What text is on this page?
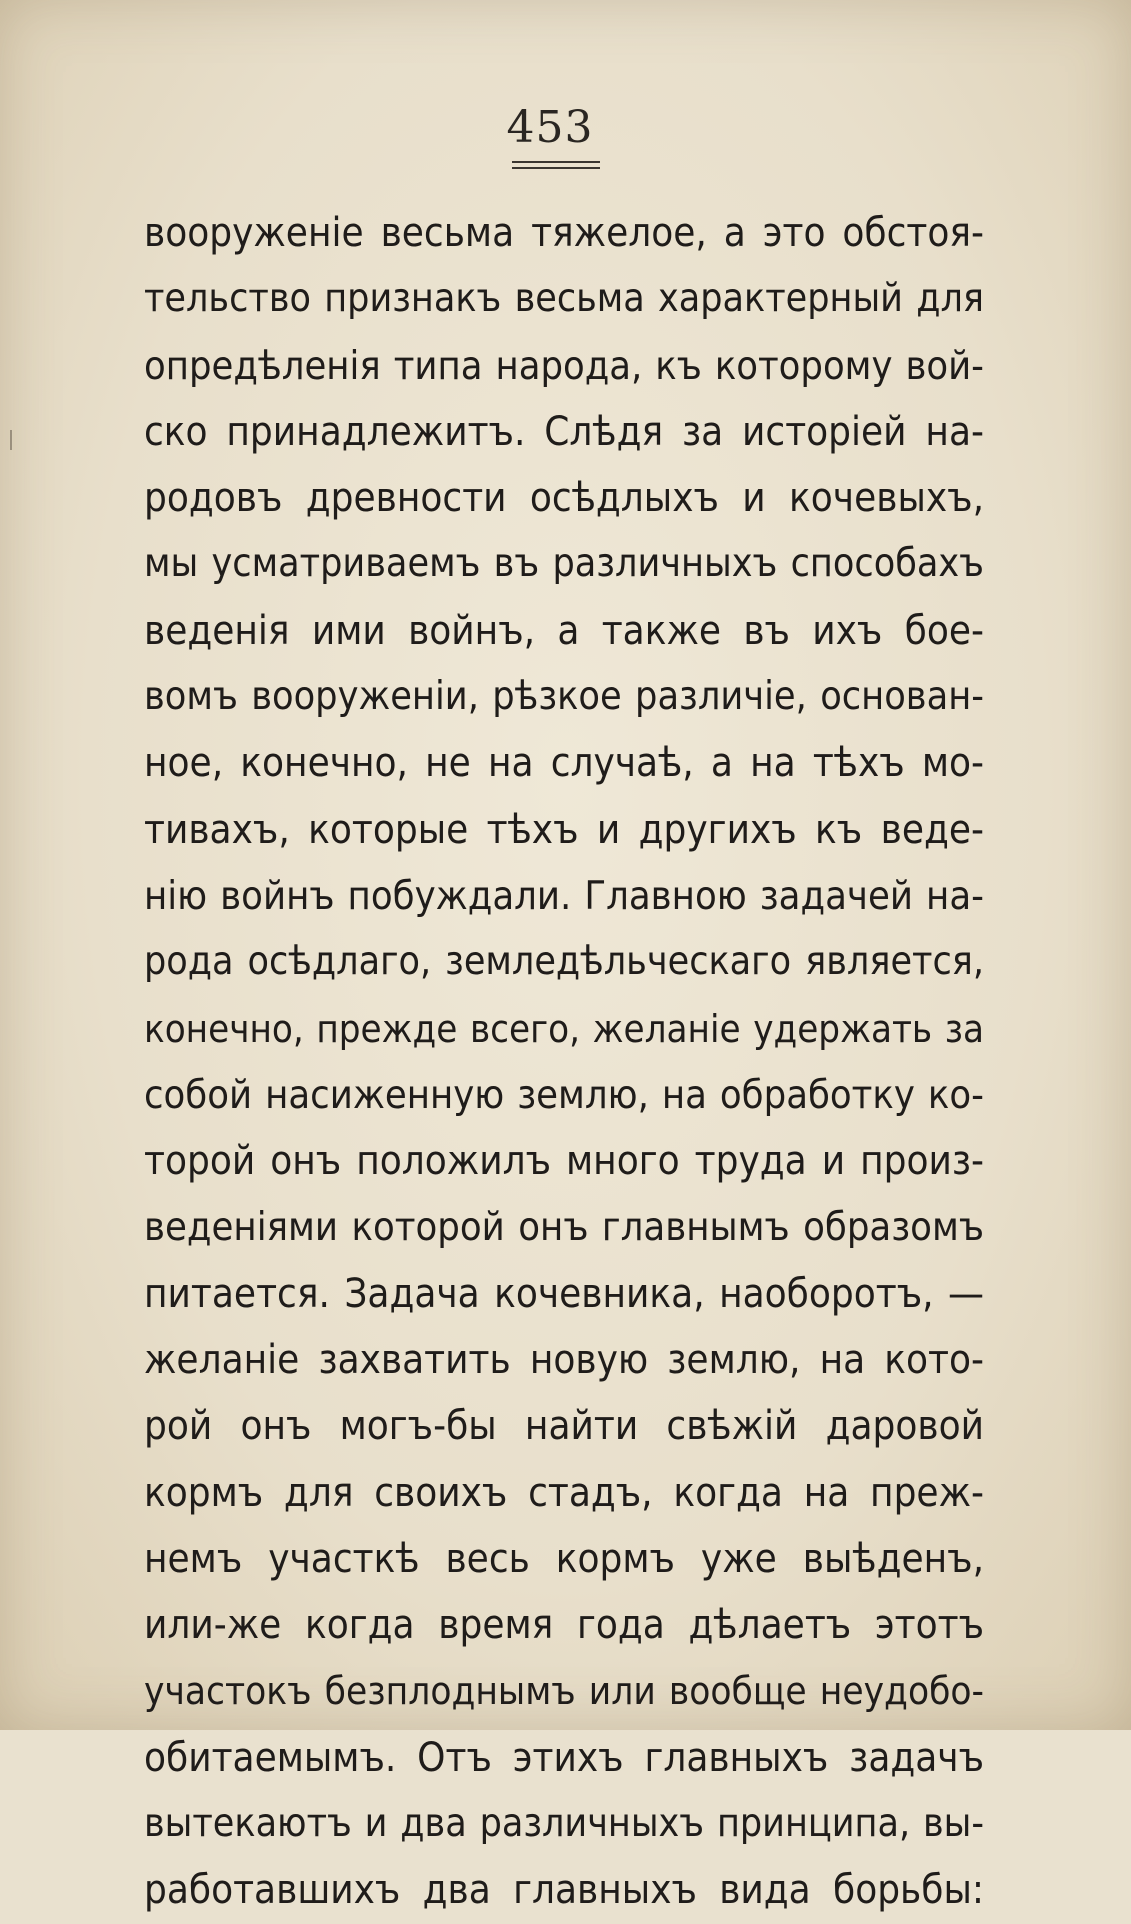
453
вооруженіе весьма тяжелое, а это обстоя-
тельство признакъ весьма характерный для
опредѣленія типа народа, къ которому вой-
ско принадлежитъ. Слѣдя за исторіей на-
родовъ древности осѣдлыхъ и кочевыхъ,
мы усматриваемъ въ различныхъ способахъ
веденія ими войнъ, а также въ ихъ бое-
вомъ вооруженіи, рѣзкое различіе, основан-
ное, конечно, не на случаѣ, а на тѣхъ мо-
тивахъ, которые тѣхъ и другихъ къ веде-
нію войнъ побуждали. Главною задачей на-
рода осѣдлаго, земледѣльческаго является,
конечно, прежде всего, желаніе удержать за
собой насиженную землю, на обработку ко-
торой онъ положилъ много труда и произ-
веденіями которой онъ главнымъ образомъ
питается. Задача кочевника, наоборотъ, —
желаніе захватить новую землю, на кото-
рой онъ могъ-бы найти свѣжій даровой
кормъ для своихъ стадъ, когда на преж-
немъ участкѣ весь кормъ уже выѣденъ,
или-же когда время года дѣлаетъ этотъ
участокъ безплоднымъ или вообще неудобо-
обитаемымъ. Отъ этихъ главныхъ задачъ
вытекаютъ и два различныхъ принципа, вы-
работавшихъ два главныхъ вида борьбы:
